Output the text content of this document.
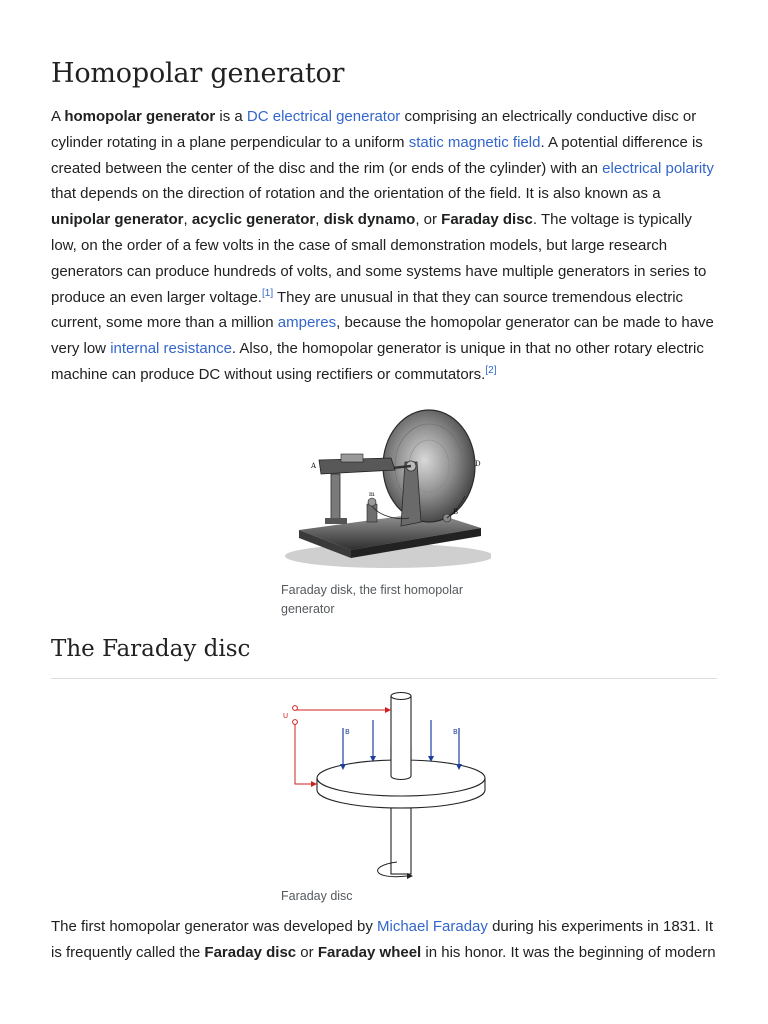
Homopolar generator

A homopolar generator is a DC electrical generator comprising an electrically conductive disc or cylinder rotating in a plane perpendicular to a uniform static magnetic field. A potential difference is created between the center of the disc and the rim (or ends of the cylinder) with an electrical polarity that depends on the direction of rotation and the orientation of the field. It is also known as a unipolar generator, acyclic generator, disk dynamo, or Faraday disc. The voltage is typically low, on the order of a few volts in the case of small demonstration models, but large research generators can produce hundreds of volts, and some systems have multiple generators in series to produce an even larger voltage.[1] They are unusual in that they can source tremendous electric current, some more than a million amperes, because the homopolar generator can be made to have very low internal resistance. Also, the homopolar generator is unique in that no other rotary electric machine can produce DC without using rectifiers or commutators.[2]

A	D
B
m
Faraday disk, the first homopolar generator
The Faraday disc
B	B
U
Faraday disc

The first homopolar generator was developed by Michael Faraday during his experiments in 1831. It is frequently called the Faraday disc or Faraday wheel in his honor. It was the beginning of modern
